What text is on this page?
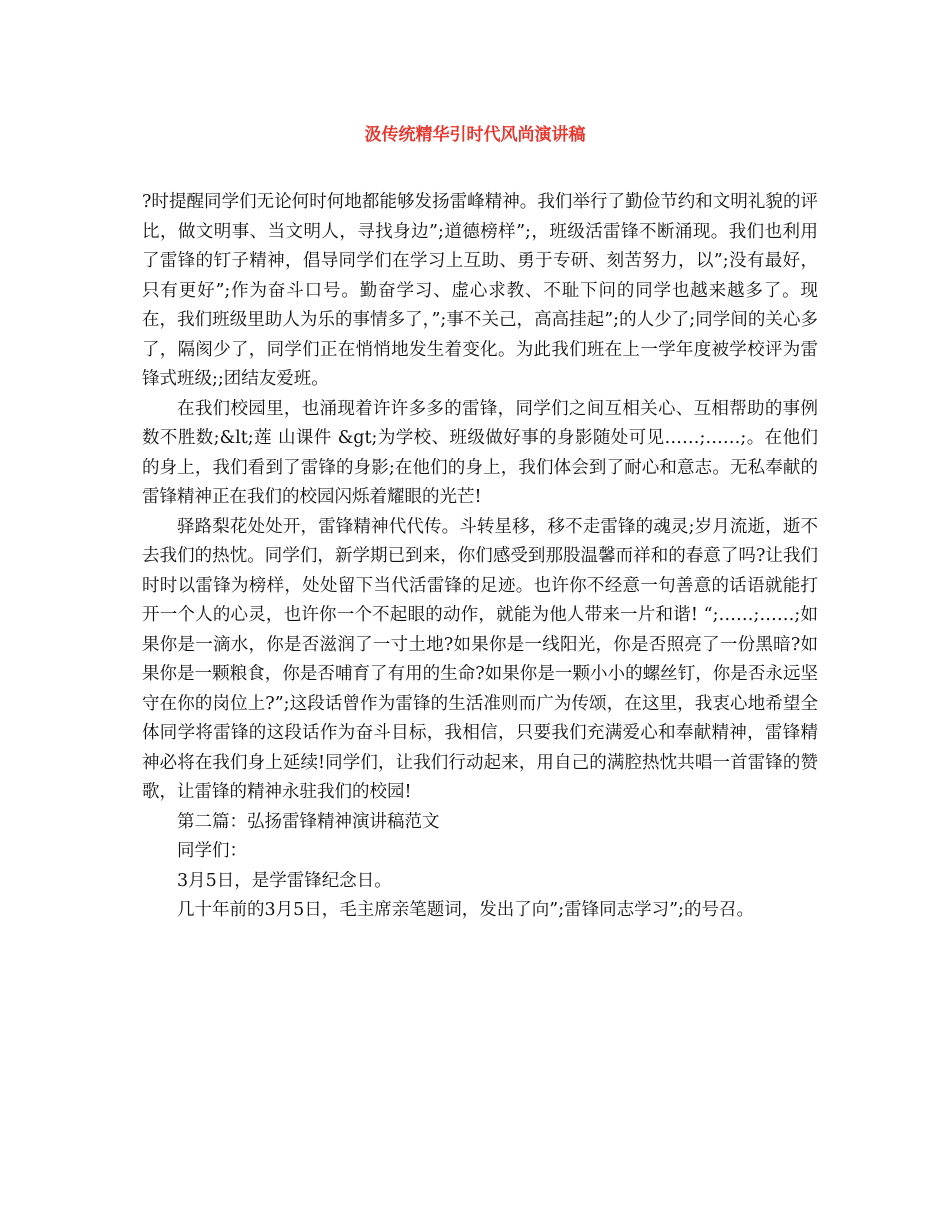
汲传统精华引时代风尚演讲稿

?时提醒同学们无论何时何地都能够发扬雷峰精神。我们举行了勤俭节约和文明礼貌的评比，做文明事、当文明人，寻找身边”;道德榜样”;，班级活雷锋不断涌现。我们也利用了雷锋的钉子精神，倡导同学们在学习上互助、勇于专研、刻苦努力，以”;没有最好，只有更好”;作为奋斗口号。勤奋学习、虚心求教、不耻下问的同学也越来越多了。现在，我们班级里助人为乐的事情多了，”;事不关己，高高挂起”;的人少了;同学间的关心多了，隔阂少了，同学们正在悄悄地发生着变化。为此我们班在上一学年度被学校评为雷锋式班级;;团结友爱班。

在我们校园里，也涌现着许许多多的雷锋，同学们之间互相关心、互相帮助的事例数不胜数;&lt;莲 山课件 &gt;为学校、班级做好事的身影随处可见……;……;。在他们的身上，我们看到了雷锋的身影;在他们的身上，我们体会到了耐心和意志。无私奉献的雷锋精神正在我们的校园闪烁着耀眼的光芒!

驿路梨花处处开，雷锋精神代代传。斗转星移，移不走雷锋的魂灵;岁月流逝，逝不去我们的热忱。同学们，新学期已到来，你们感受到那股温馨而祥和的春意了吗?让我们时时以雷锋为榜样，处处留下当代活雷锋的足迹。也许你不经意一句善意的话语就能打开一个人的心灵，也许你一个不起眼的动作，就能为他人带来一片和谐! “;……;……;如果你是一滴水，你是否滋润了一寸土地?如果你是一线阳光，你是否照亮了一份黑暗?如果你是一颗粮食，你是否哺育了有用的生命?如果你是一颗小小的螺丝钉，你是否永远坚守在你的岗位上?”;这段话曾作为雷锋的生活准则而广为传颂，在这里，我衷心地希望全体同学将雷锋的这段话作为奋斗目标，我相信，只要我们充满爱心和奉献精神，雷锋精神必将在我们身上延续!同学们，让我们行动起来，用自己的满腔热忱共唱一首雷锋的赞歌，让雷锋的精神永驻我们的校园!

第二篇：弘扬雷锋精神演讲稿范文

同学们：

3月5日，是学雷锋纪念日。

几十年前的3月5日，毛主席亲笔题词，发出了向”;雷锋同志学习”;的号召。
